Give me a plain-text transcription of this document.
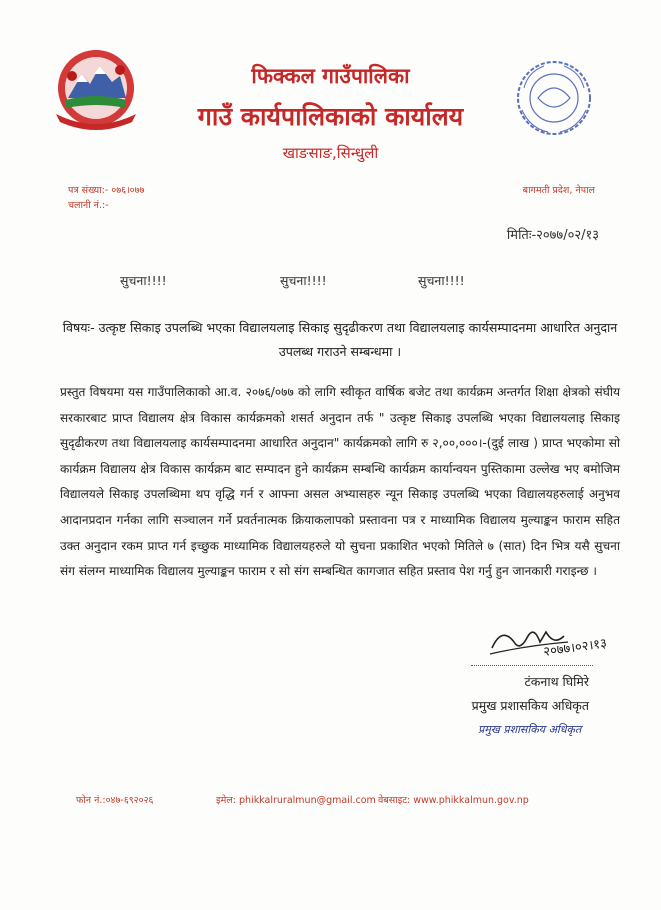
फिक्कल गाउँपालिका
गाउँ कार्यपालिकाको कार्यालय
खाङसाङ,सिन्धुली
पत्र संख्या:- ०७६।०७७
चलानी नं.:-
बागमती प्रदेश, नेपाल
मितिः-२०७७/०२/१३
सुचना!!!!	सुचना!!!!	सुचना!!!!
विषयः- उत्कृष्ट सिकाइ उपलब्धि भएका विद्यालयलाइ सिकाइ सुदृढीकरण तथा विद्यालयलाइ कार्यसम्पादनमा आधारित अनुदान उपलब्ध गराउने सम्बन्धमा ।
प्रस्तुत विषयमा यस गाउँपालिकाको आ.व. २०७६/०७७ को लागि स्वीकृत वार्षिक बजेट तथा कार्यक्रम अन्तर्गत शिक्षा क्षेत्रको संघीय सरकारबाट प्राप्त विद्यालय क्षेत्र विकास कार्यक्रमको शसर्त अनुदान तर्फ " उत्कृष्ट सिकाइ उपलब्धि भएका विद्यालयलाइ सिकाइ सुदृढीकरण तथा विद्यालयलाइ कार्यसम्पादनमा आधारित अनुदान" कार्यक्रमको लागि रु २,००,०००।-(दुई लाख ) प्राप्त भएकोमा सो कार्यक्रम विद्यालय क्षेत्र विकास कार्यक्रम बाट सम्पादन हुने कार्यक्रम सम्बन्धि कार्यक्रम कार्यान्वयन पुस्तिकामा उल्लेख भए बमोजिम विद्यालयले सिकाइ उपलब्धिमा थप वृद्धि गर्न र आफ्ना असल अभ्यासहरु न्यून सिकाइ उपलब्धि भएका विद्यालयहरुलाई अनुभव आदानप्रदान गर्नका लागि सञ्चालन गर्ने प्रवर्तनात्मक क्रियाकलापको प्रस्तावना पत्र र माध्यामिक विद्यालय मुल्याङ्कन फाराम सहित उक्त अनुदान रकम प्राप्त गर्न इच्छुक माध्यामिक विद्यालयहरुले यो सुचना प्रकाशित भएको मितिले ७ (सात) दिन भित्र यसै सुचना संग संलग्न माध्यामिक विद्यालय मुल्याङ्कन फाराम र सो संग सम्बन्धित कागजात सहित प्रस्ताव पेश गर्नु हुन जानकारी गराइन्छ ।
२०७७।०२।१३
टंकनाथ घिमिरे
प्रमुख प्रशासकिय अधिकृत
प्रमुख प्रशासकिय अधिकृत
फोन नं.:०४७-६९२०२६	इमेल: phikkalruralmun@gmail.com वेबसाइट: www.phikkalmun.gov.np
